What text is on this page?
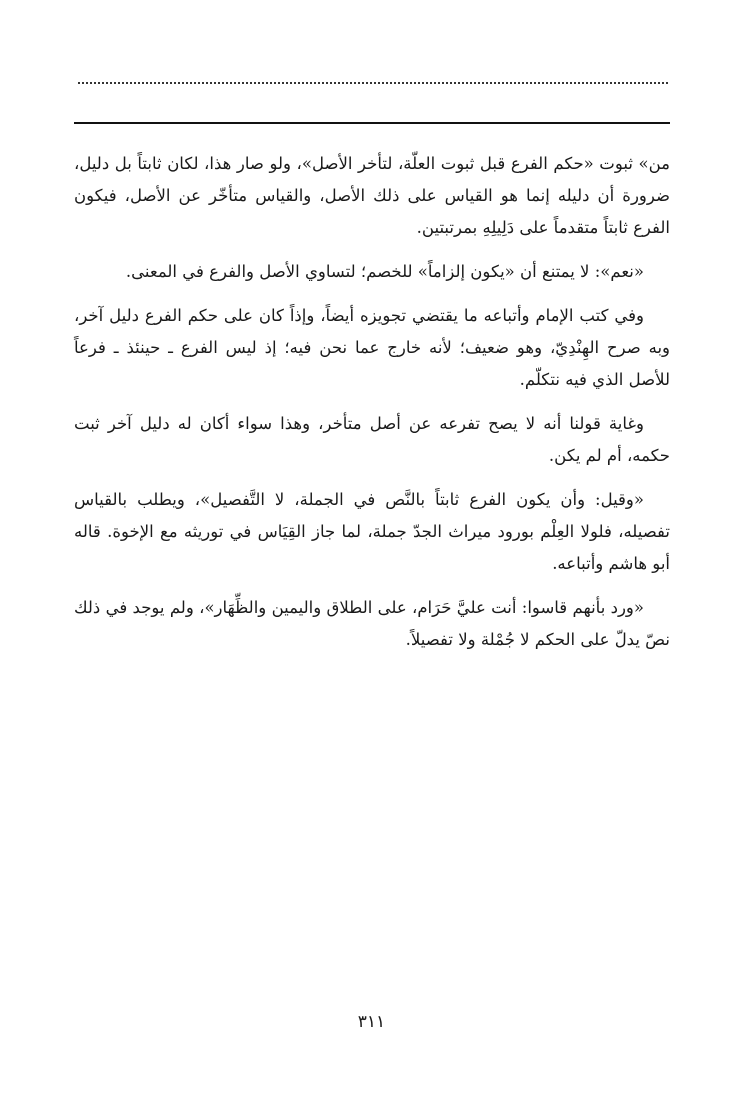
من» ثبوت «حكم الفرع قبل ثبوت العلّة، لتأخر الأصل»، ولو صار هذا، لكان ثابتاً بل دليل، ضرورة أن دليله إنما هو القياس على ذلك الأصل، والقياس متأخّر عن الأصل، فيكون الفرع ثابتاً متقدماً على دَلِيلِهِ بمرتبتين.

«نعم»: لا يمتنع أن «يكون إلزاماً» للخصم؛ لتساوي الأصل والفرع في المعنى.

وفي كتب الإمام وأتباعه ما يقتضي تجويزه أيضاً، وإذاً كان على حكم الفرع دليل آخر، وبه صرح الهِنْدِيّ، وهو ضعيف؛ لأنه خارج عما نحن فيه؛ إذ ليس الفرع ـ حينئذ ـ فرعاً للأصل الذي فيه نتكلّم.

وغاية قولنا أنه لا يصح تفرعه عن أصل متأخر، وهذا سواء أكان له دليل آخر ثبت حكمه، أم لم يكن.

«وقيل: وأن يكون الفرع ثابتاً بالنَّص في الجملة، لا التَّفصيل»، ويطلب بالقياس تفصيله، فلولا العِلْم بورود ميراث الجدّ جملة، لما جاز القِيَاس في توريثه مع الإخوة. قاله أبو هاشم وأتباعه.

«ورد بأنهم قاسوا: أنت عليَّ حَرَام، على الطلاق واليمين والظِّهَار»، ولم يوجد في ذلك نصّ يدلّ على الحكم لا جُمْلة ولا تفصيلاً.

٣١١
